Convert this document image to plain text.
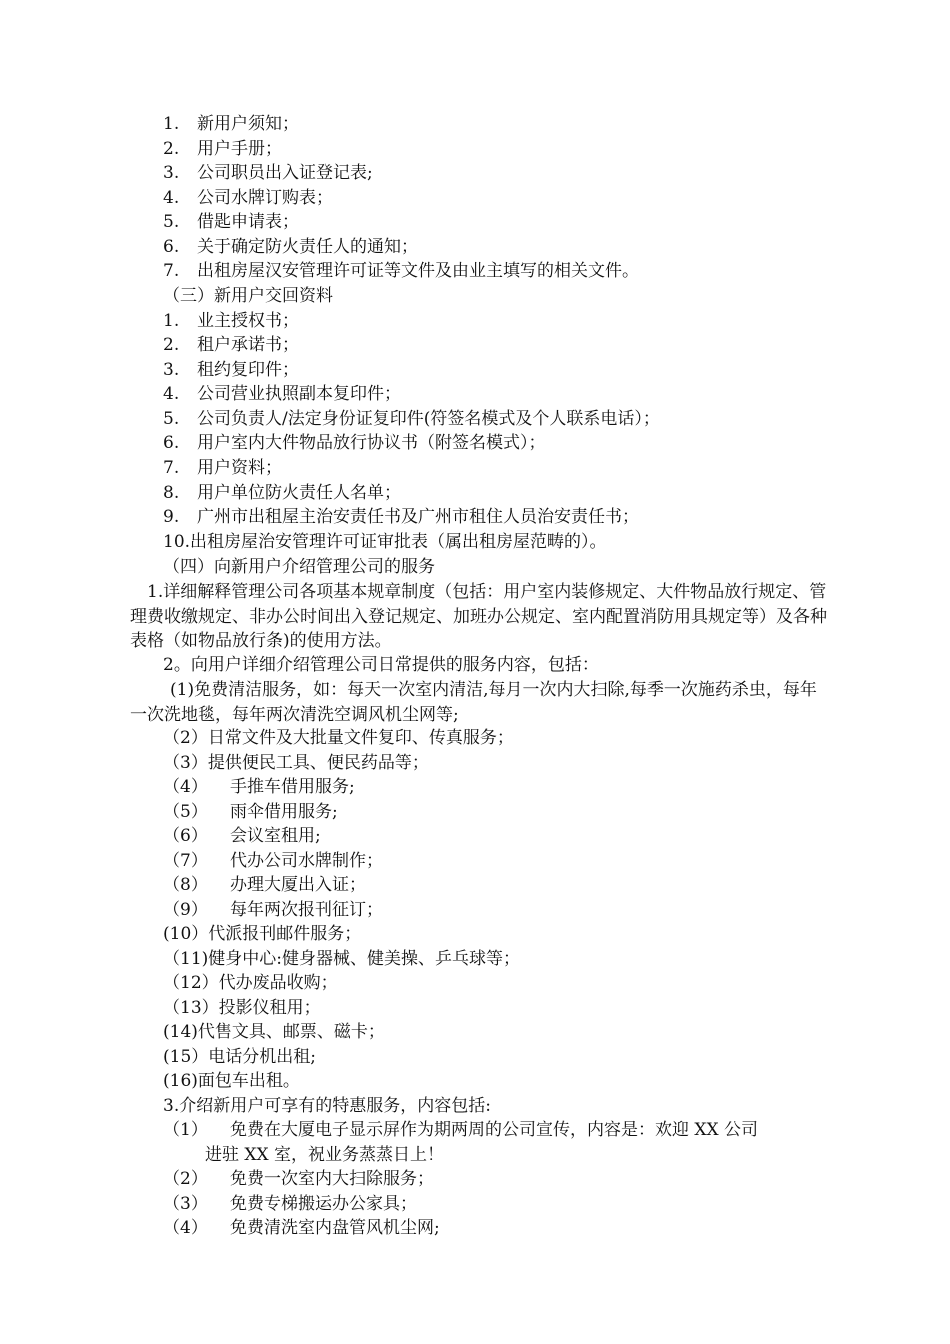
1. 新用户须知；
2. 用户手册；
3. 公司职员出入证登记表;
4. 公司水牌订购表；
5. 借匙申请表；
6. 关于确定防火责任人的通知；
7. 出租房屋汉安管理许可证等文件及由业主填写的相关文件。
（三）新用户交回资料
1. 业主授权书；
2. 租户承诺书；
3. 租约复印件；
4. 公司营业执照副本复印件；
5. 公司负责人/法定身份证复印件(符签名模式及个人联系电话）；
6. 用户室内大件物品放行协议书（附签名模式）；
7. 用户资料；
8. 用户单位防火责任人名单；
9. 广州市出租屋主治安责任书及广州市租住人员治安责任书；
10.出租房屋治安管理许可证审批表（属出租房屋范畴的）。
（四）向新用户介绍管理公司的服务
1.详细解释管理公司各项基本规章制度（包括：用户室内装修规定、大件物品放行规定、管理费收缴规定、非办公时间出入登记规定、加班办公规定、室内配置消防用具规定等）及各种表格（如物品放行条)的使用方法。
2。向用户详细介绍管理公司日常提供的服务内容，包括：
(1)免费清洁服务，如：每天一次室内清洁,每月一次内大扫除,每季一次施药杀虫，每年一次洗地毯，每年两次清洗空调风机尘网等;
（2）日常文件及大批量文件复印、传真服务；
（3）提供便民工具、便民药品等；
（4） 手推车借用服务;
（5） 雨伞借用服务;
（6） 会议室租用;
（7） 代办公司水牌制作；
（8） 办理大厦出入证；
（9） 每年两次报刊征订；
(10）代派报刊邮件服务；
（11)健身中心:健身器械、健美操、乒乓球等；
（12）代办废品收购；
（13）投影仪租用；
(14)代售文具、邮票、磁卡；
(15）电话分机出租;
(16)面包车出租。
3.介绍新用户可享有的特惠服务，内容包括:
（1） 免费在大厦电子显示屏作为期两周的公司宣传，内容是：欢迎 XX 公司
进驻 XX 室，祝业务蒸蒸日上！
（2） 免费一次室内大扫除服务；
（3） 免费专梯搬运办公家具；
（4） 免费清洗室内盘管风机尘网;
